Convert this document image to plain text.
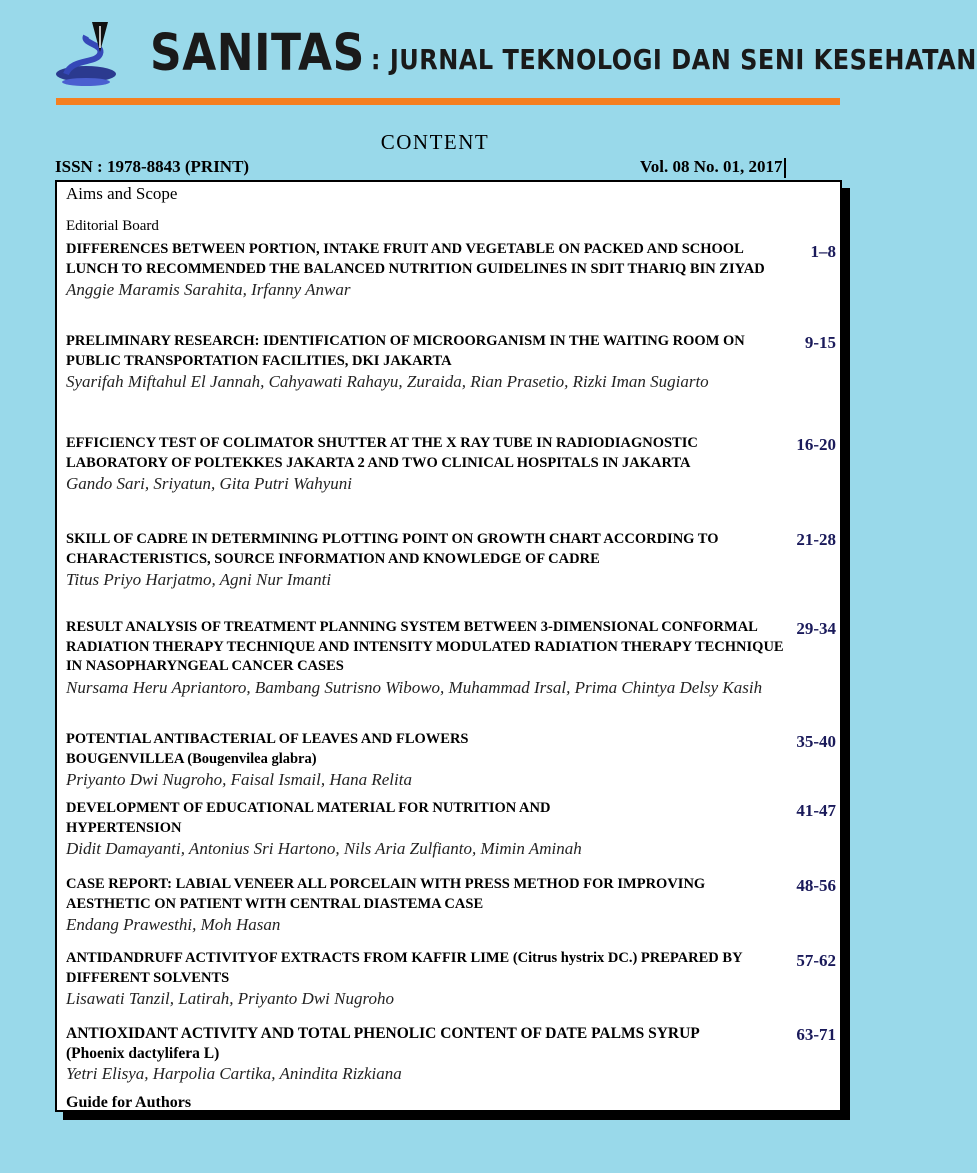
SANITAS : JURNAL TEKNOLOGI DAN SENI KESEHATAN
CONTENT
ISSN : 1978-8843 (PRINT)	Vol. 08 No. 01, 2017
Aims and Scope
Editorial Board
DIFFERENCES BETWEEN PORTION, INTAKE FRUIT AND VEGETABLE ON PACKED AND SCHOOL LUNCH TO RECOMMENDED THE BALANCED NUTRITION GUIDELINES IN SDIT THARIQ BIN ZIYAD
Anggie Maramis Sarahita, Irfanny Anwar
1–8
PRELIMINARY RESEARCH: IDENTIFICATION OF MICROORGANISM IN THE WAITING ROOM ON PUBLIC TRANSPORTATION FACILITIES, DKI JAKARTA
Syarifah Miftahul El Jannah, Cahyawati Rahayu, Zuraida, Rian Prasetio, Rizki Iman Sugiarto
9-15
EFFICIENCY TEST OF COLIMATOR SHUTTER AT THE X RAY TUBE IN RADIODIAGNOSTIC LABORATORY OF POLTEKKES JAKARTA 2 AND TWO CLINICAL HOSPITALS IN JAKARTA
Gando Sari, Sriyatun, Gita Putri Wahyuni
16-20
SKILL OF CADRE IN DETERMINING PLOTTING POINT ON GROWTH CHART ACCORDING TO CHARACTERISTICS, SOURCE INFORMATION AND KNOWLEDGE OF CADRE
Titus Priyo Harjatmo, Agni Nur Imanti
21-28
RESULT ANALYSIS OF TREATMENT PLANNING SYSTEM BETWEEN 3-DIMENSIONAL CONFORMAL RADIATION THERAPY TECHNIQUE AND INTENSITY MODULATED RADIATION THERAPY TECHNIQUE IN NASOPHARYNGEAL CANCER CASES
Nursama Heru Apriantoro, Bambang Sutrisno Wibowo, Muhammad Irsal, Prima Chintya Delsy Kasih
29-34
POTENTIAL ANTIBACTERIAL OF LEAVES AND FLOWERS BOUGENVILLEA (Bougenvilea glabra)
Priyanto Dwi Nugroho, Faisal Ismail, Hana Relita
35-40
DEVELOPMENT OF EDUCATIONAL MATERIAL FOR NUTRITION AND HYPERTENSION
Didit Damayanti, Antonius Sri Hartono, Nils Aria Zulfianto, Mimin Aminah
41-47
CASE REPORT: LABIAL VENEER ALL PORCELAIN WITH PRESS METHOD FOR IMPROVING AESTHETIC ON PATIENT WITH CENTRAL DIASTEMA CASE
Endang Prawesthi, Moh Hasan
48-56
ANTIDANDRUFF ACTIVITYOF EXTRACTS FROM KAFFIR LIME (Citrus hystrix DC.) PREPARED BY DIFFERENT SOLVENTS
Lisawati Tanzil, Latirah, Priyanto Dwi Nugroho
57-62
ANTIOXIDANT ACTIVITY AND TOTAL PHENOLIC CONTENT OF DATE PALMS SYRUP (Phoenix dactylifera L)
Yetri Elisya, Harpolia Cartika, Anindita Rizkiana
63-71
Guide for Authors
